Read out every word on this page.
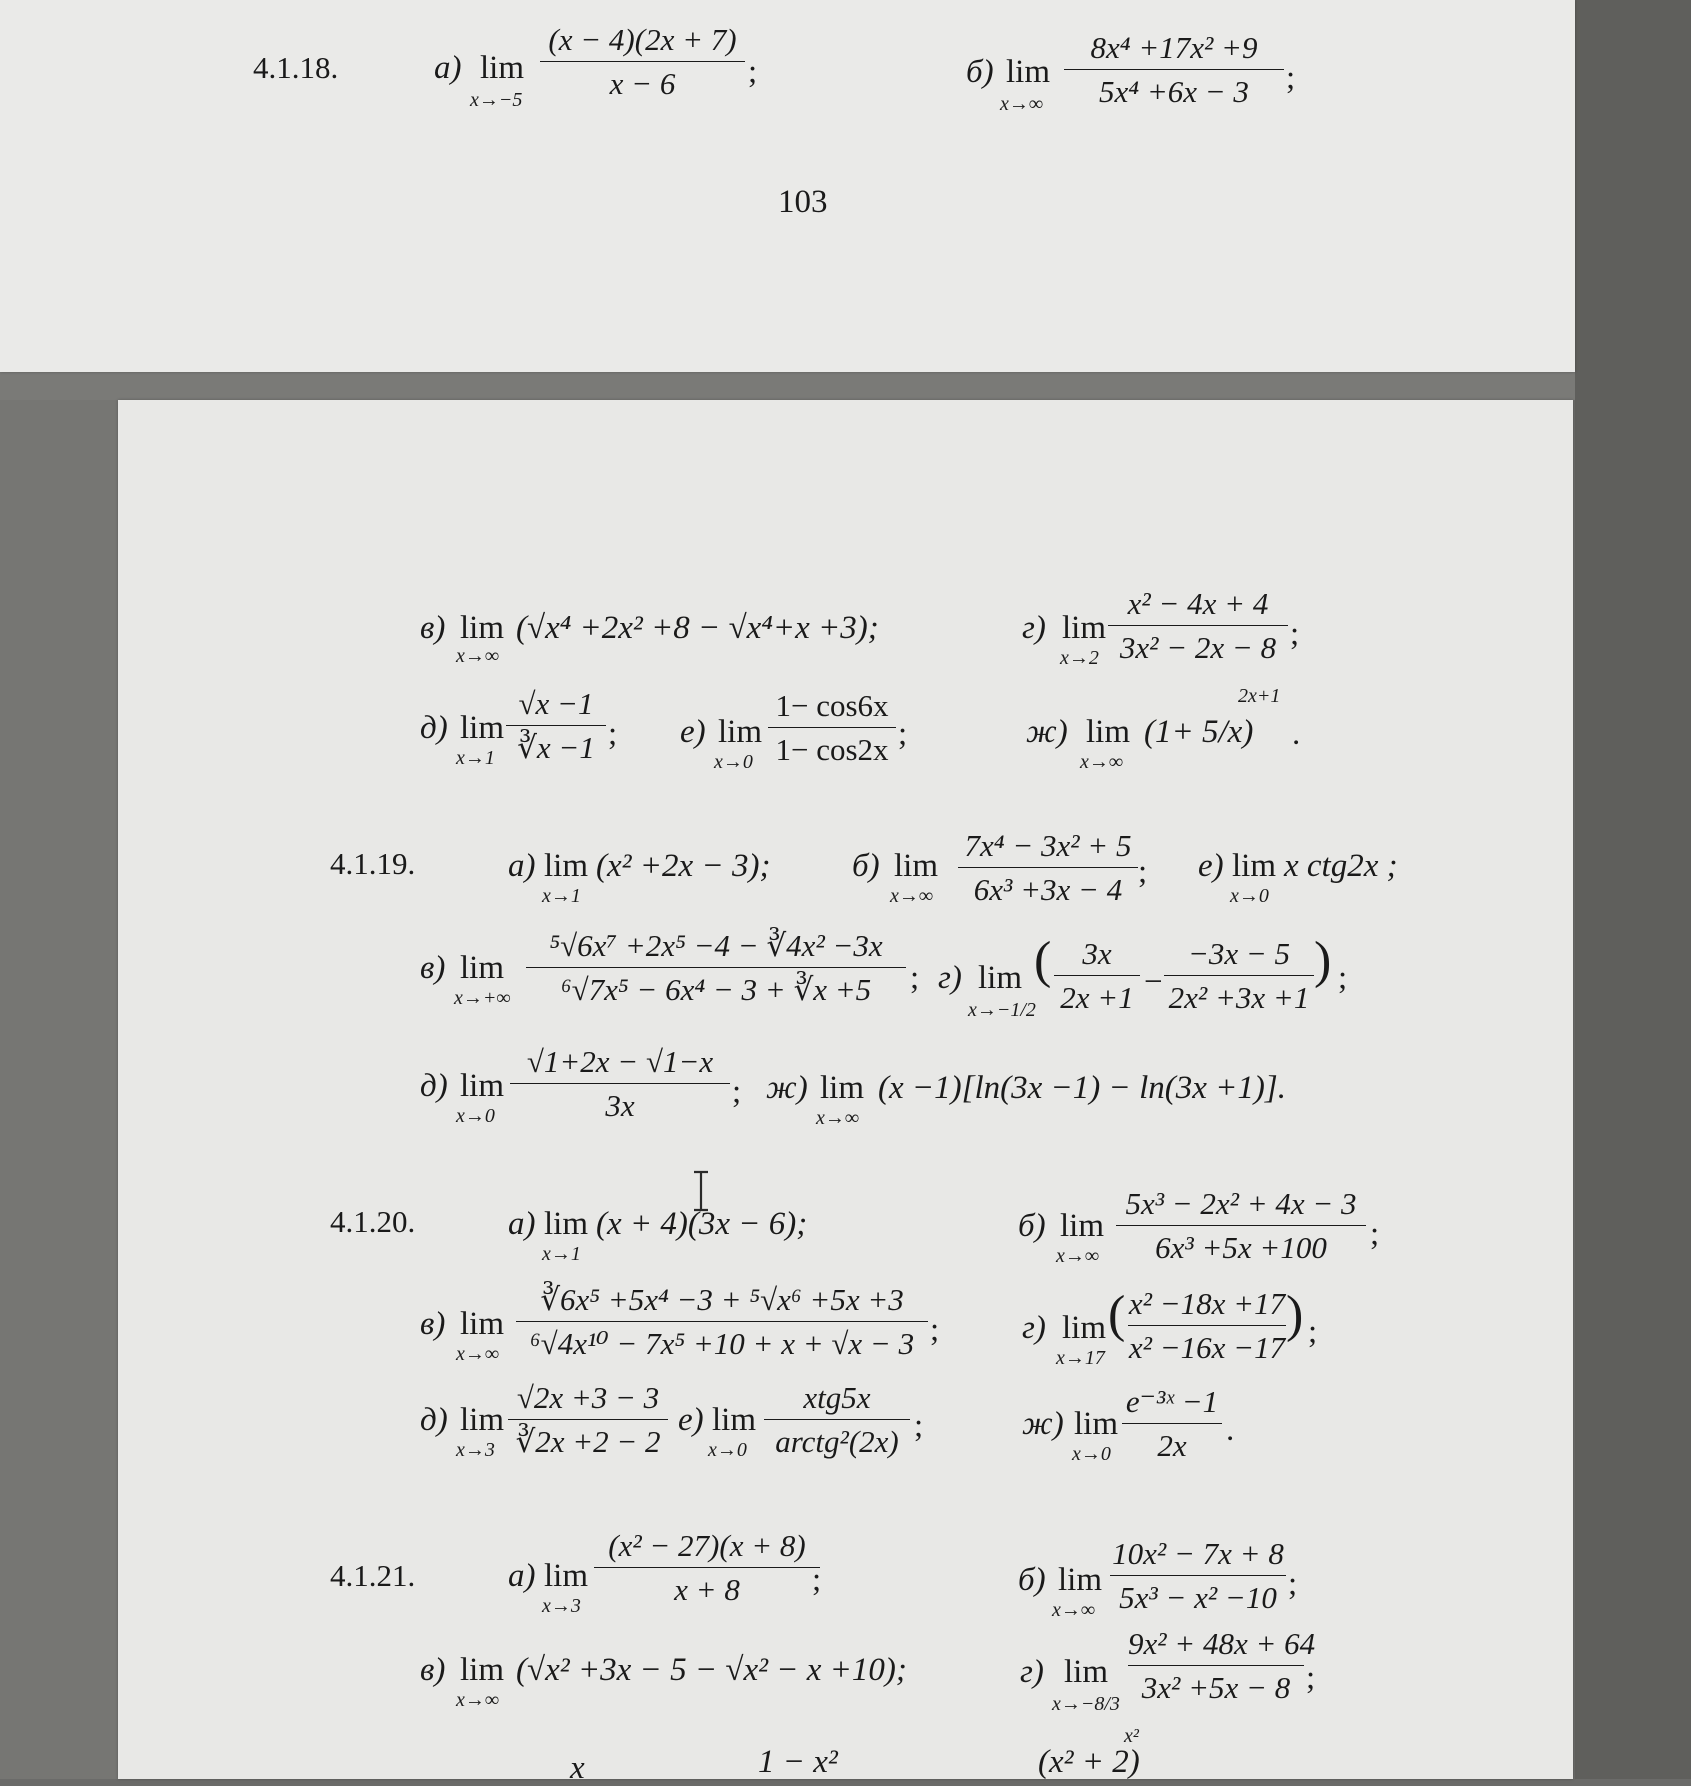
4.1.18.	а) lim
x→−5
(x − 4)(2x + 7)
x − 6	;	б) lim
x→∞
8x⁴ +17x² +9
5x⁴ +6x − 3	;
103
в) lim
x→∞
(√x⁴ +2x² +8 − √x⁴+x +3);	г) lim
x→2
x² − 4x + 4
3x² − 2x − 8 ;
д) lim
x→1
√x −1
∛x −1 ; е) lim
x→0
1− cos6x
1− cos2x ;	ж) lim
x→∞
(1+ 5/x)
2x+1
.
4.1.19.	а) lim
x→1
(x² +2x − 3); б) lim
x→∞
7x⁴ − 3x² + 5
6x³ +3x − 4 ; е) lim
x→0
x ctg2x ;
в) lim
x→+∞
⁵√6x⁷ +2x⁵ −4 − ∛4x² −3x
⁶√7x⁵ − 6x⁴ − 3 + ∛x +5	; г) lim
x→−1/2
(	3x
2x +1 −
−3x − 5
2x² +3x +1
) ;
д) lim
x→0
√1+2x − √1−x
3x	; ж) lim
x→∞
(x −1)[ln(3x −1) − ln(3x +1)].
4.1.20.	а) lim
x→1
(x + 4)(3x − 6);	б) lim
x→∞
5x³ − 2x² + 4x − 3
6x³ +5x +100	;
в) lim
x→∞
∛6x⁵ +5x⁴ −3 + ⁵√x⁶ +5x +3
⁶√4x¹⁰ − 7x⁵ +10 + x + √x − 3 ;	г) lim
x→17
( x² −18x +17
x² −16x −17
) ;
д) lim
x→3
√2x +3 − 3
∛2x +2 − 2
е) lim
x→0
xtg5x
arctg²(2x) ;	ж) lim
x→0
e⁻³ˣ −1
2x	.
4.1.21.	а) lim
x→3
(x² − 27)(x + 8)
x + 8	;	б) lim
x→∞
10x² − 7x + 8
5x³ − x² −10 ;
в) lim
x→∞
(√x² +3x − 5 − √x² − x +10);	г) lim
x→−8/3
9x² + 48x + 64
3x² +5x − 8 ;
x	1 − x²	(x² + 2)
x²
